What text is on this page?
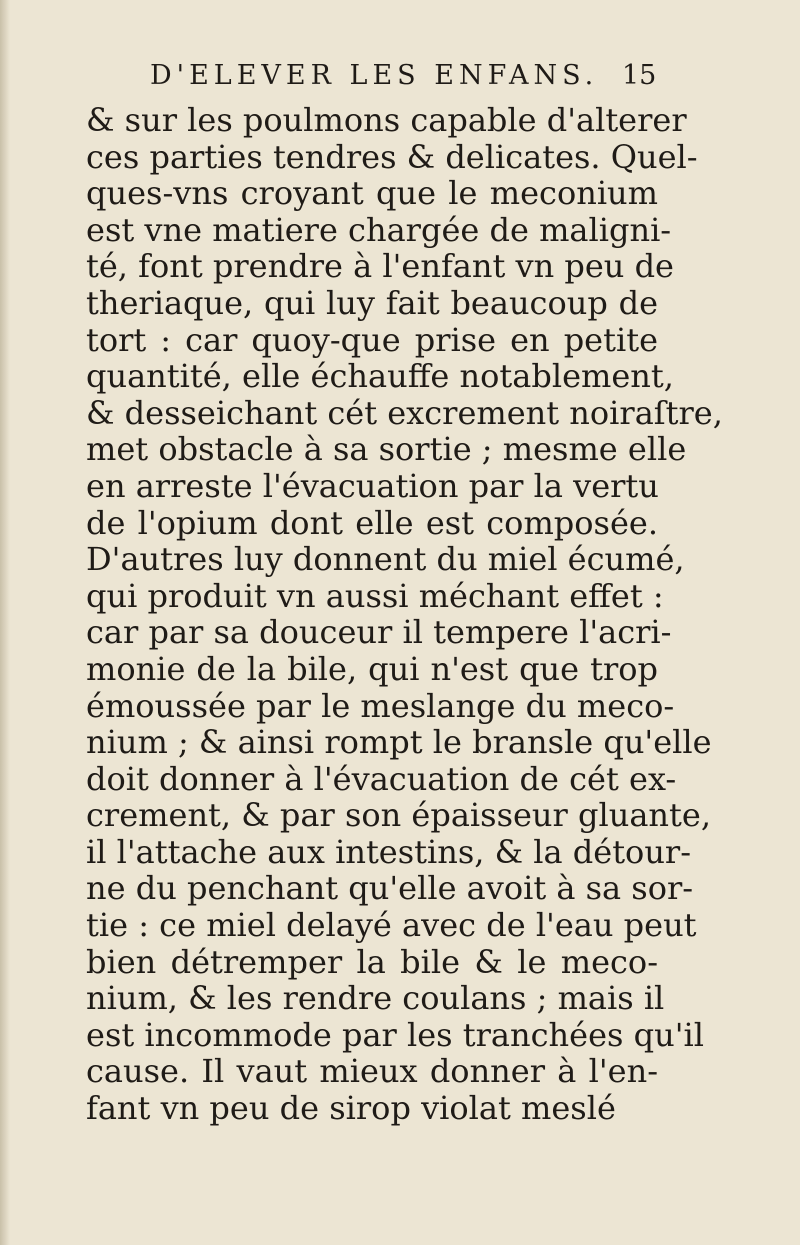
D'ELEVER LES ENFANS. 15
& sur les poulmons capable d'alterer
ces parties tendres & delicates. Quel-
ques-vns croyant que le meconium
est vne matiere chargée de maligni-
té, font prendre à l'enfant vn peu de
theriaque, qui luy fait beaucoup de
tort : car quoy-que prise en petite
quantité, elle échauffe notablement,
& desseichant cét excrement noiraſtre,
met obstacle à sa sortie ; mesme elle
en arreste l'évacuation par la vertu
de l'opium dont elle est composée.
D'autres luy donnent du miel écumé,
qui produit vn aussi méchant effet :
car par sa douceur il tempere l'acri-
monie de la bile, qui n'est que trop
émoussée par le meslange du meco-
nium ; & ainsi rompt le bransle qu'elle
doit donner à l'évacuation de cét ex-
crement, & par son épaisseur gluante,
il l'attache aux intestins, & la détour-
ne du penchant qu'elle avoit à sa sor-
tie : ce miel delayé avec de l'eau peut
bien détremper la bile & le meco-
nium, & les rendre coulans ; mais il
est incommode par les tranchées qu'il
cause. Il vaut mieux donner à l'en-
fant vn peu de sirop violat meslé
